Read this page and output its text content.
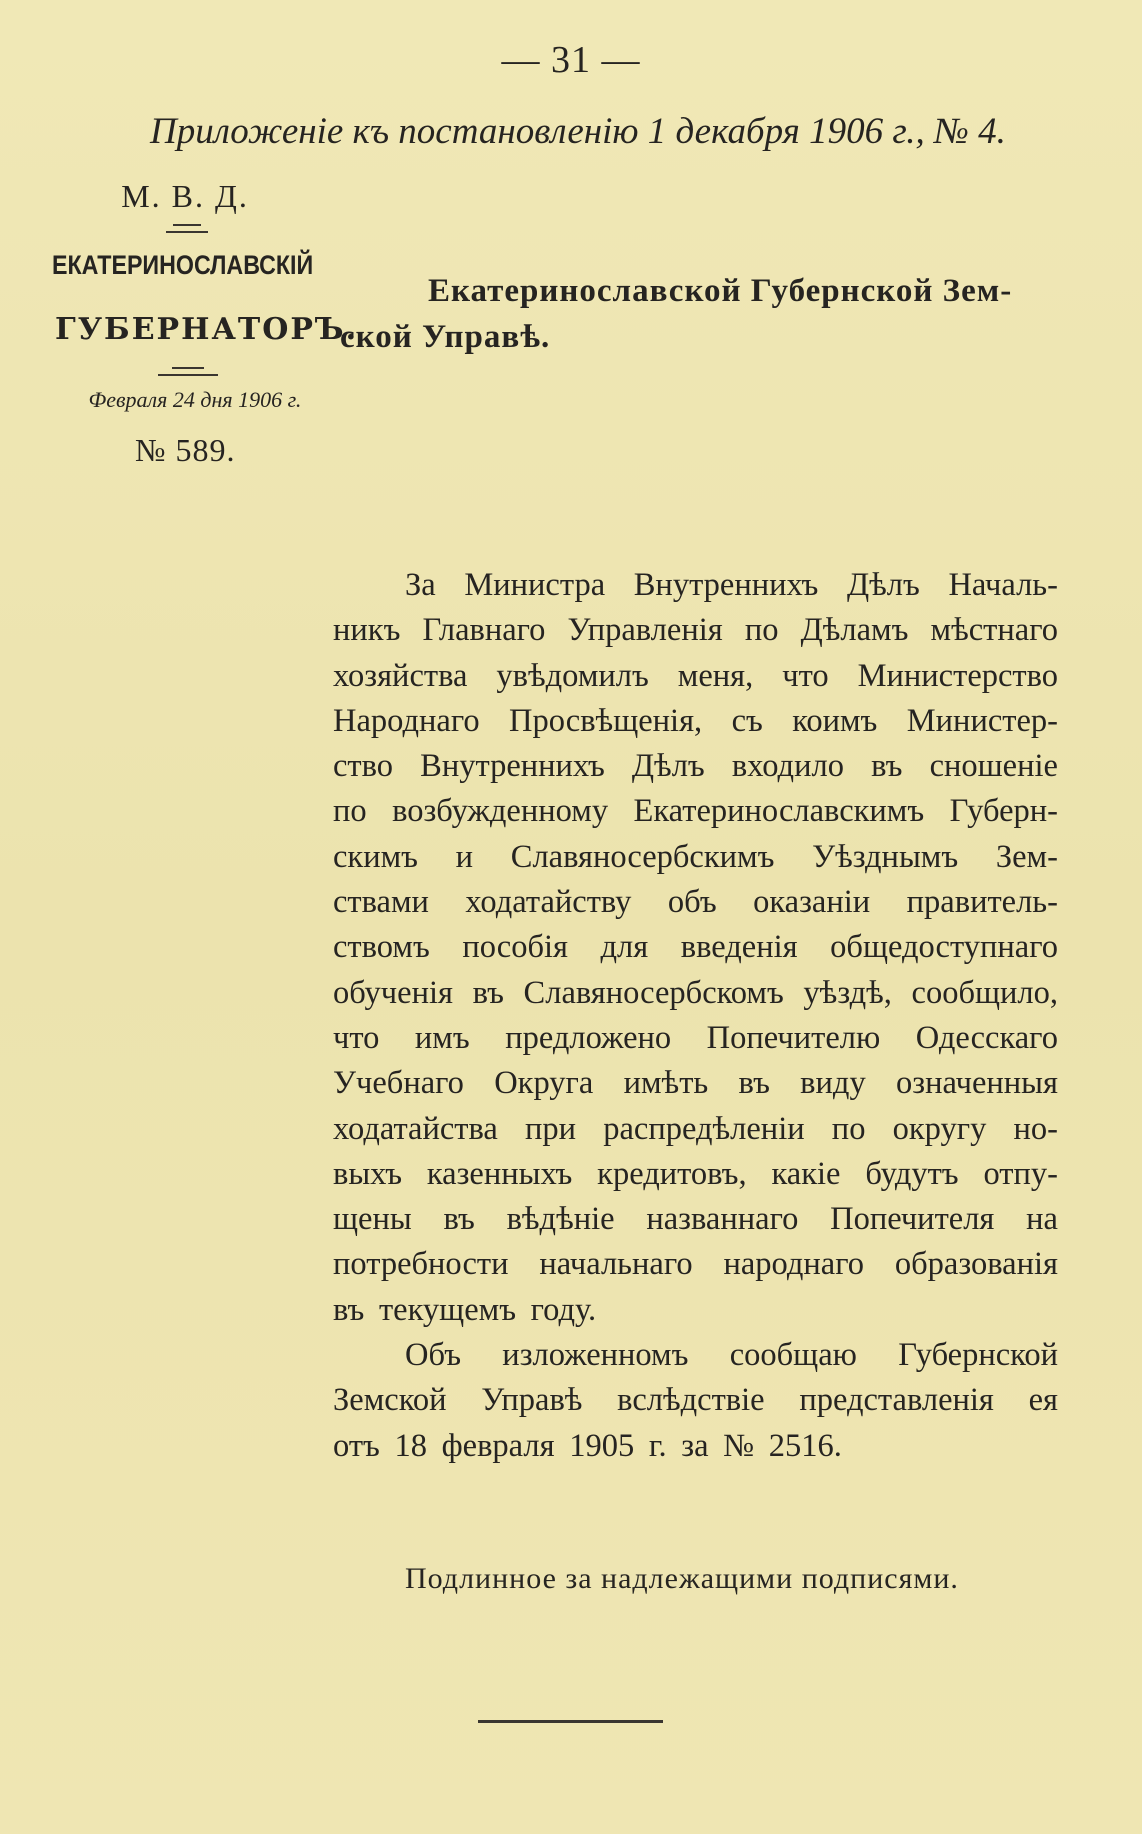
— 31 —
Приложеніе къ постановленію 1 декабря 1906 г., № 4.
М. В. Д.
ЕКАТЕРИНОСЛАВСКІЙ
ГУБЕРНАТОРЪ.
Екатеринославской Губернской Зем-
ской Управѣ.
Февраля 24 дня 1906 г.
№ 589.
За Министра Внутреннихъ Дѣлъ Началь-
никъ Главнаго Управленія по Дѣламъ мѣстнаго
хозяйства увѣдомилъ меня, что Министерство
Народнаго Просвѣщенія, съ коимъ Министер-
ство Внутреннихъ Дѣлъ входило въ сношеніе
по возбужденному Екатеринославскимъ Губерн-
скимъ и Славяносербскимъ Уѣзднымъ Зем-
ствами ходатайству объ оказаніи правитель-
ствомъ пособія для введенія общедоступнаго
обученія въ Славяносербскомъ уѣздѣ, сообщило,
что имъ предложено Попечителю Одесскаго
Учебнаго Округа имѣть въ виду означенныя
ходатайства при распредѣленіи по округу но-
выхъ казенныхъ кредитовъ, какіе будутъ отпу-
щены въ вѣдѣніе названнаго Попечителя на
потребности начальнаго народнаго образованія
въ текущемъ году.
Объ изложенномъ сообщаю Губернской
Земской Управѣ вслѣдствіе представленія ея
отъ 18 февраля 1905 г. за № 2516.
Подлинное за надлежащими подписями.
